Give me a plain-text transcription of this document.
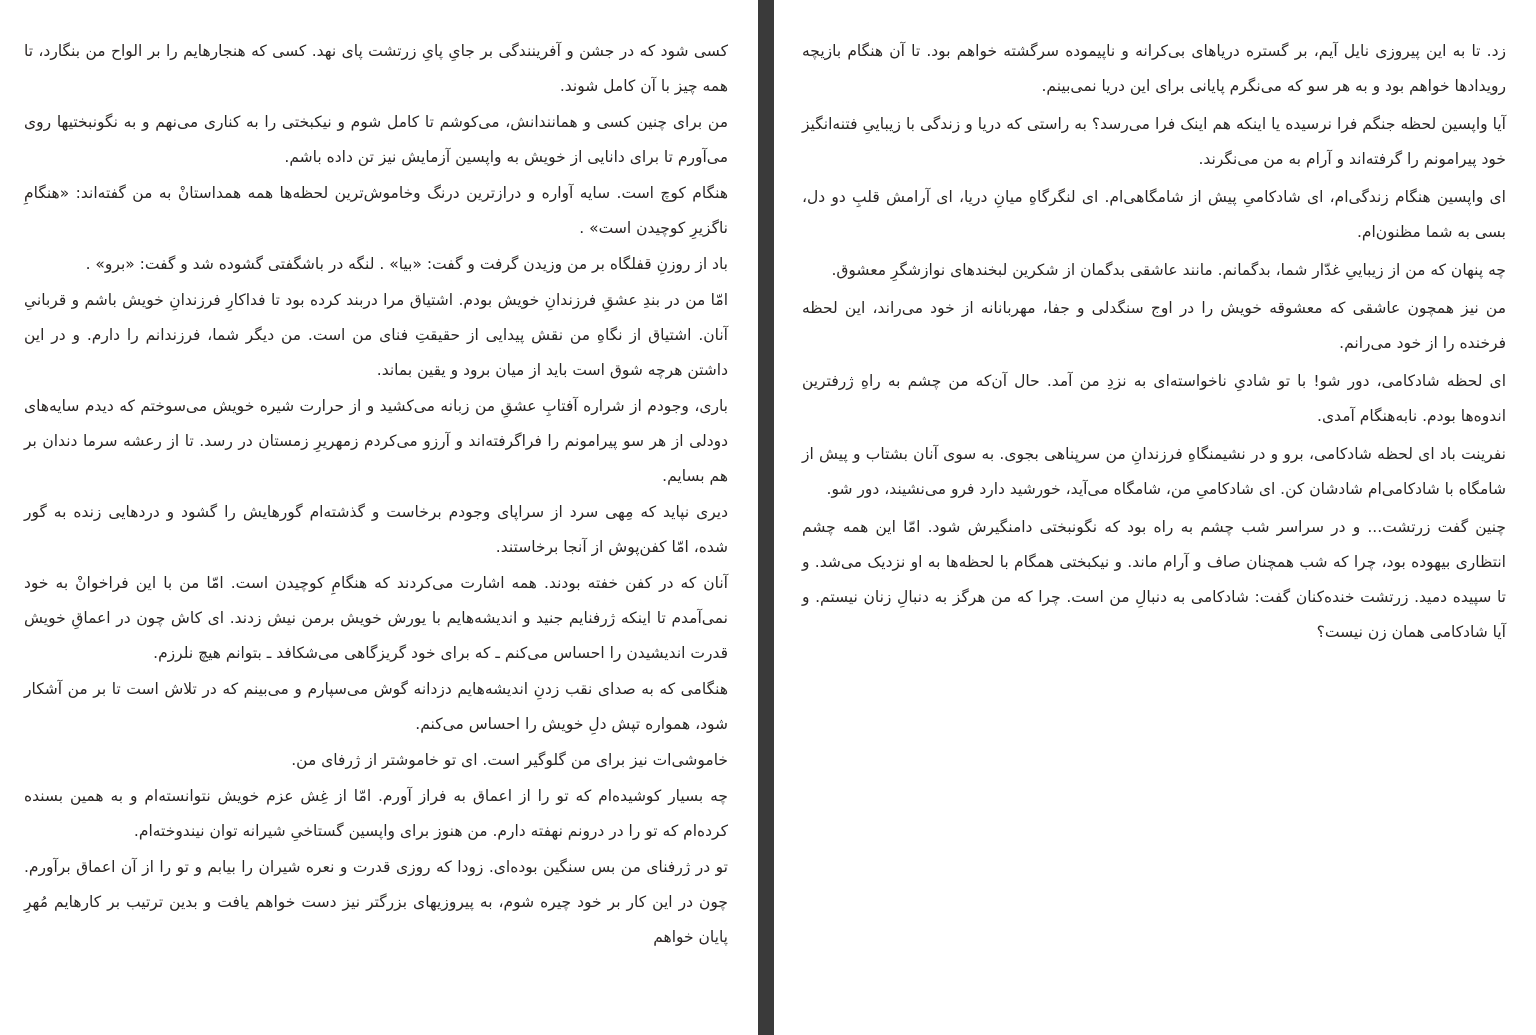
کسی شود که در جشن و آفرینندگی بر جایِ پایِ زرتشت پای نهد. کسی که هنجارهایم را بر الواح من بنگارد، تا همه چیز با آن کامل شوند.

من برای چنین کسی و همانندانش، می‌کوشم تا کامل شوم و نیکبختی را به کناری می‌نهم و به نگونبختیها روی می‌آورم تا برای دانایی از خویش به واپسین آزمایش نیز تن داده باشم.

هنگام کوچ است. سایه آواره و درازترین درنگ وخاموش‌ترین لحظه‌ها همه همداستانْ به من گفته‌اند: «هنگامِ ناگزیرِ کوچیدن است» .

باد از روزنِ قفلگاه بر من وزیدن گرفت و گفت: «بیا» . لنگه در باشگفتی گشوده شد و گفت: «برو» .

امّا من در بندِ عشقِ فرزندانِ خویش بودم. اشتیاق مرا دربند کرده بود تا فداکارِ فرزندانِ خویش باشم و قربانیِ آنان. اشتیاق از نگاهِ من نقش پیدایی از حقیقتِ فنای من است. من دیگر شما، فرزندانم را دارم. و در این داشتن هرچه شوق است باید از میان برود و یقین بماند.

باری، وجودم از شراره آفتابِ عشقِ من زبانه می‌کشید و از حرارت شیره خویش می‌سوختم که دیدم سایه‌های دودلی از هر سو پیرامونم را فراگرفته‌اند و آرزو می‌کردم زمهریرِ زمستان در رسد. تا از رعشه سرما دندان بر هم بسایم.

دیری نپاید که مِهی سرد از سراپای وجودم برخاست و گذشته‌ام گورهایش را گشود و دردهایی زنده به گور شده، امّا کفن‌پوش از آنجا برخاستند.

آنان که در کفن خفته بودند. همه اشارت می‌کردند که هنگامِ کوچیدن است. امّا من با این فراخوانْ به خود نمی‌آمدم تا اینکه ژرفنایم جنید و اندیشه‌هایم با یورش خویش برمن نیش زدند. ای کاش چون در اعماقِ خویش قدرت اندیشیدن را احساس می‌کنم ـ که برای خود گریزگاهی می‌شکافد ـ بتوانم هیچ نلرزم.

هنگامی که به صدای نقب زدنِ اندیشه‌هایم دزدانه گوش می‌سپارم و می‌بینم که در تلاش است تا بر من آشکار شود، همواره تپش دلِ خویش را احساس می‌کنم.

خاموشی‌ات نیز برای من گلوگیر است. ای تو خاموشتر از ژرفای من.

چه بسیار کوشیده‌ام که تو را از اعماق به فراز آورم. امّا از غِش عزم خویش نتوانسته‌ام و به همین بسنده کرده‌ام که تو را در درونم نهفته دارم. من هنوز برای واپسین گستاخیِ شیرانه توان نیندوخته‌ام.

تو در ژرفنای من بس سنگین بوده‌ای. زودا که روزی قدرت و نعره شیران را بیابم و تو را از آن اعماق برآورم. چون در این کار بر خود چیره شوم، به پیروزیهای بزرگتر نیز دست خواهم یافت و بدین ترتیب بر کارهایم مُهرِ پایان خواهم

زد. تا به این پیروزی نایل آیم، بر گستره دریاهای بی‌کرانه و ناپیموده سرگشته خواهم بود. تا آن هنگام بازیچه رویدادها خواهم بود و به هر سو که می‌نگرم پایانی برای این دریا نمی‌بینم.

آیا واپسین لحظه جنگم فرا نرسیده یا اینکه هم اینک فرا می‌رسد؟ به راستی که دریا و زندگی با زیباییِ فتنه‌انگیز خود پیرامونم را گرفته‌اند و آرام به من می‌نگرند.

ای واپسین هنگام زندگی‌ام، ای شادکامیِ پیش از شامگاهی‌ام. ای لنگرگاهِ میانِ دریا، ای آرامش قلبِ دو دل، بسی به شما مظنون‌ام.

چه پنهان که من از زیباییِ غدّار شما، بدگمانم. مانند عاشقی بدگمان از شکرین لبخندهای نوازشگرِ معشوق.

من نیز همچون عاشقی که معشوقه خویش را در اوج سنگدلی و جفا، مهربانانه از خود می‌راند، این لحظه فرخنده را از خود می‌رانم.

ای لحظه شادکامی، دور شو! با تو شادیِ ناخواسته‌ای به نزدِ من آمد. حال آن‌که من چشم به راهِ ژرفترین اندوه‌ها بودم. نابه‌هنگام آمدی.

نفرینت باد ای لحظه شادکامی، برو و در نشیمنگاهِ فرزندانِ من سرپناهی بجوی. به سوی آنان بشتاب و پیش از شامگاه با شادکامی‌ام شادشان کن. ای شادکامیِ من، شامگاه می‌آید، خورشید دارد فرو می‌نشیند، دور شو.

چنین گفت زرتشت... و در سراسر شب چشم به راه بود که نگونبختی دامنگیرش شود. امّا این همه چشم انتظاری بیهوده بود، چرا که شب همچنان صاف و آرام ماند. و نیکبختی همگام با لحظه‌ها به او نزدیک می‌شد. و تا سپیده دمید. زرتشت خنده‌کنان گفت: شادکامی به دنبالِ من است. چرا که من هرگز به دنبالِ زنان نیستم. و آیا شادکامی همان زن نیست؟
